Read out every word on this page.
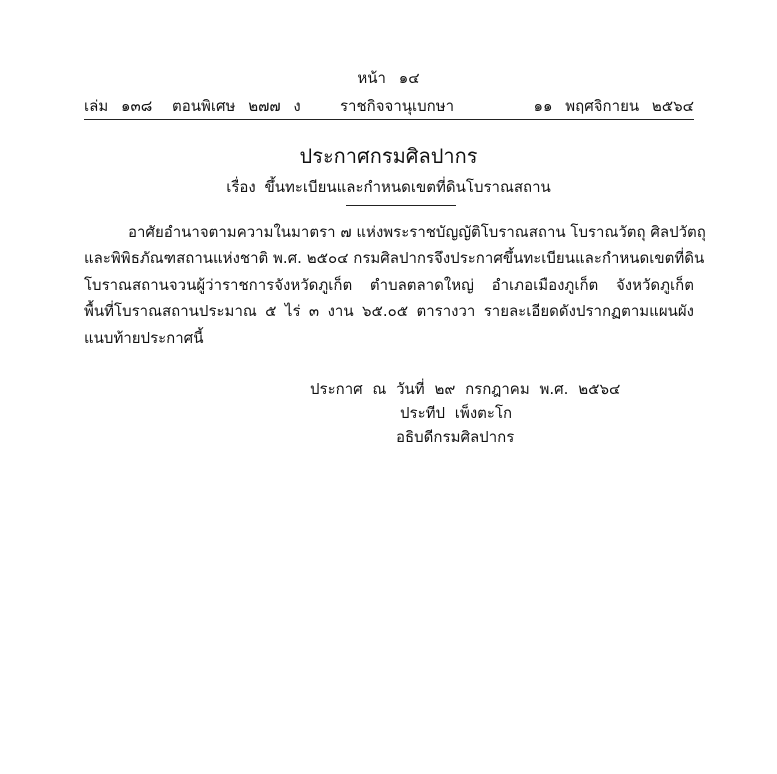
หน้า ๑๔
เล่ม ๑๓๘ ตอนพิเศษ ๒๗๗ ง	ราชกิจจานุเบกษา	๑๑ พฤศจิกายน ๒๕๖๔
ประกาศกรมศิลปากร
เรื่อง ขึ้นทะเบียนและกำหนดเขตที่ดินโบราณสถาน
อาศัยอำนาจตามความในมาตรา ๗ แห่งพระราชบัญญัติโบราณสถาน โบราณวัตถุ ศิลปวัตถุ
และพิพิธภัณฑสถานแห่งชาติ พ.ศ. ๒๕๐๔ กรมศิลปากรจึงประกาศขึ้นทะเบียนและกำหนดเขตที่ดิน
โบราณสถานจวนผู้ว่าราชการจังหวัดภูเก็ต ตำบลตลาดใหญ่ อำเภอเมืองภูเก็ต จังหวัดภูเก็ต
พื้นที่โบราณสถานประมาณ ๕ ไร่ ๓ งาน ๖๕.๐๕ ตารางวา รายละเอียดดังปรากฏตามแผนผัง
แนบท้ายประกาศนี้
ประกาศ ณ วันที่ ๒๙ กรกฎาคม พ.ศ. ๒๕๖๔
ประทีป เพ็งตะโก
อธิบดีกรมศิลปากร
